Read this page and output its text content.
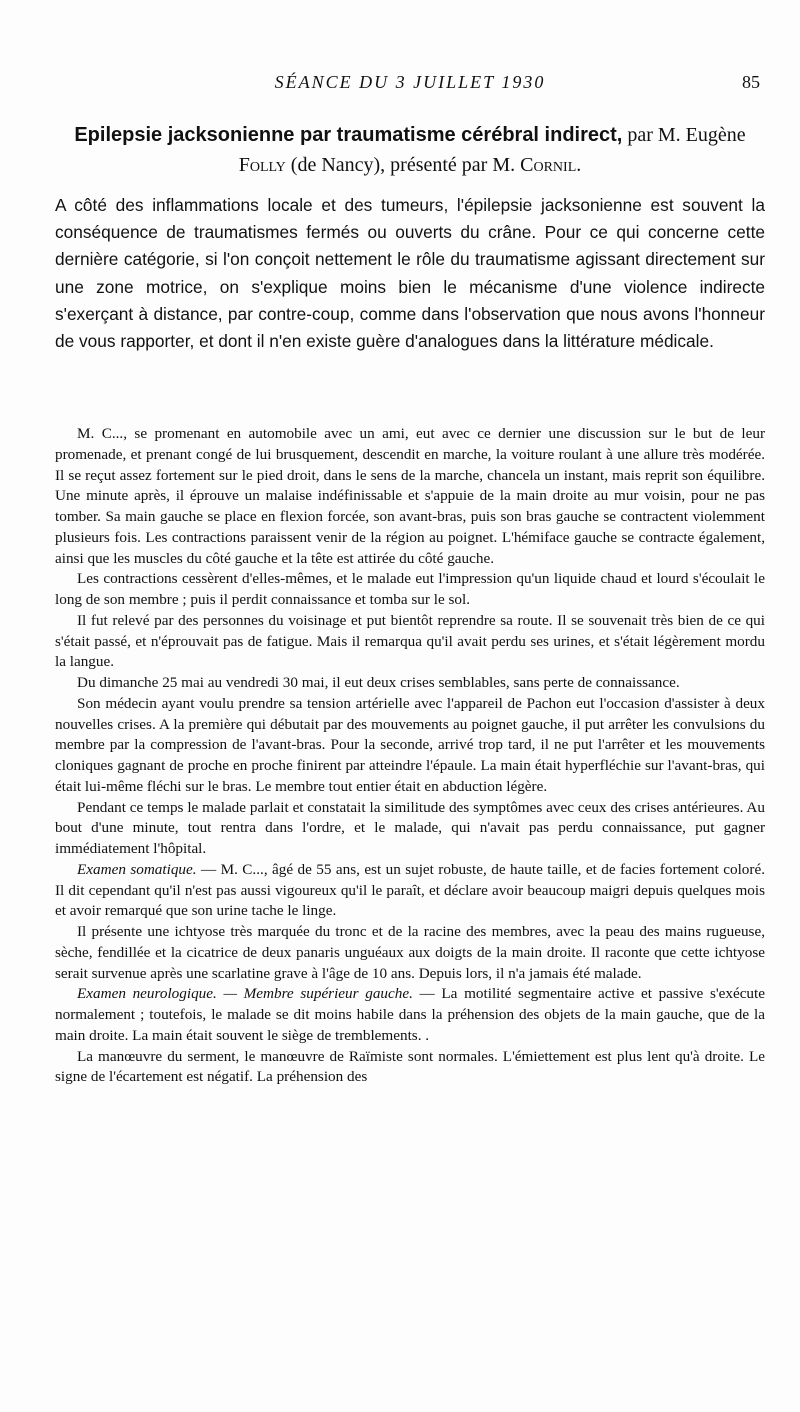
SÉANCE DU 3 JUILLET 1930	85
Epilepsie jacksonienne par traumatisme cérébral indirect, par M. Eugène Folly (de Nancy), présenté par M. Cornil.

A côté des inflammations locale et des tumeurs, l'épilepsie jacksonienne est souvent la conséquence de traumatismes fermés ou ouverts du crâne. Pour ce qui concerne cette dernière catégorie, si l'on conçoit nettement le rôle du traumatisme agissant directement sur une zone motrice, on s'explique moins bien le mécanisme d'une violence indirecte s'exerçant à distance, par contre-coup, comme dans l'observation que nous avons l'honneur de vous rapporter, et dont il n'en existe guère d'analogues dans la littérature médicale.

M. C..., se promenant en automobile avec un ami, eut avec ce dernier une discussion sur le but de leur promenade, et prenant congé de lui brusquement, descendit en marche, la voiture roulant à une allure très modérée. Il se reçut assez fortement sur le pied droit, dans le sens de la marche, chancela un instant, mais reprit son équilibre. Une minute après, il éprouve un malaise indéfinissable et s'appuie de la main droite au mur voisin, pour ne pas tomber. Sa main gauche se place en flexion forcée, son avant-bras, puis son bras gauche se contractent violemment plusieurs fois. Les contractions paraissent venir de la région au poignet. L'hémiface gauche se contracte également, ainsi que les muscles du côté gauche et la tête est attirée du côté gauche.

Les contractions cessèrent d'elles-mêmes, et le malade eut l'impression qu'un liquide chaud et lourd s'écoulait le long de son membre ; puis il perdit connaissance et tomba sur le sol.

Il fut relevé par des personnes du voisinage et put bientôt reprendre sa route. Il se souvenait très bien de ce qui s'était passé, et n'éprouvait pas de fatigue. Mais il remarqua qu'il avait perdu ses urines, et s'était légèrement mordu la langue.

Du dimanche 25 mai au vendredi 30 mai, il eut deux crises semblables, sans perte de connaissance.

Son médecin ayant voulu prendre sa tension artérielle avec l'appareil de Pachon eut l'occasion d'assister à deux nouvelles crises. A la première qui débutait par des mouvements au poignet gauche, il put arrêter les convulsions du membre par la compression de l'avant-bras. Pour la seconde, arrivé trop tard, il ne put l'arrêter et les mouvements cloniques gagnant de proche en proche finirent par atteindre l'épaule. La main était hyperfléchie sur l'avant-bras, qui était lui-même fléchi sur le bras. Le membre tout entier était en abduction légère.

Pendant ce temps le malade parlait et constatait la similitude des symptômes avec ceux des crises antérieures. Au bout d'une minute, tout rentra dans l'ordre, et le malade, qui n'avait pas perdu connaissance, put gagner immédiatement l'hôpital.

Examen somatique. — M. C..., âgé de 55 ans, est un sujet robuste, de haute taille, et de facies fortement coloré. Il dit cependant qu'il n'est pas aussi vigoureux qu'il le paraît, et déclare avoir beaucoup maigri depuis quelques mois et avoir remarqué que son urine tache le linge.

Il présente une ichtyose très marquée du tronc et de la racine des membres, avec la peau des mains rugueuse, sèche, fendillée et la cicatrice de deux panaris unguéaux aux doigts de la main droite. Il raconte que cette ichtyose serait survenue après une scarlatine grave à l'âge de 10 ans. Depuis lors, il n'a jamais été malade.

Examen neurologique. — Membre supérieur gauche. — La motilité segmentaire active et passive s'exécute normalement ; toutefois, le malade se dit moins habile dans la préhension des objets de la main gauche, que de la main droite. La main était souvent le siège de tremblements. .

La manœuvre du serment, le manœuvre de Raïmiste sont normales. L'émiettement est plus lent qu'à droite. Le signe de l'écartement est négatif. La préhension des
